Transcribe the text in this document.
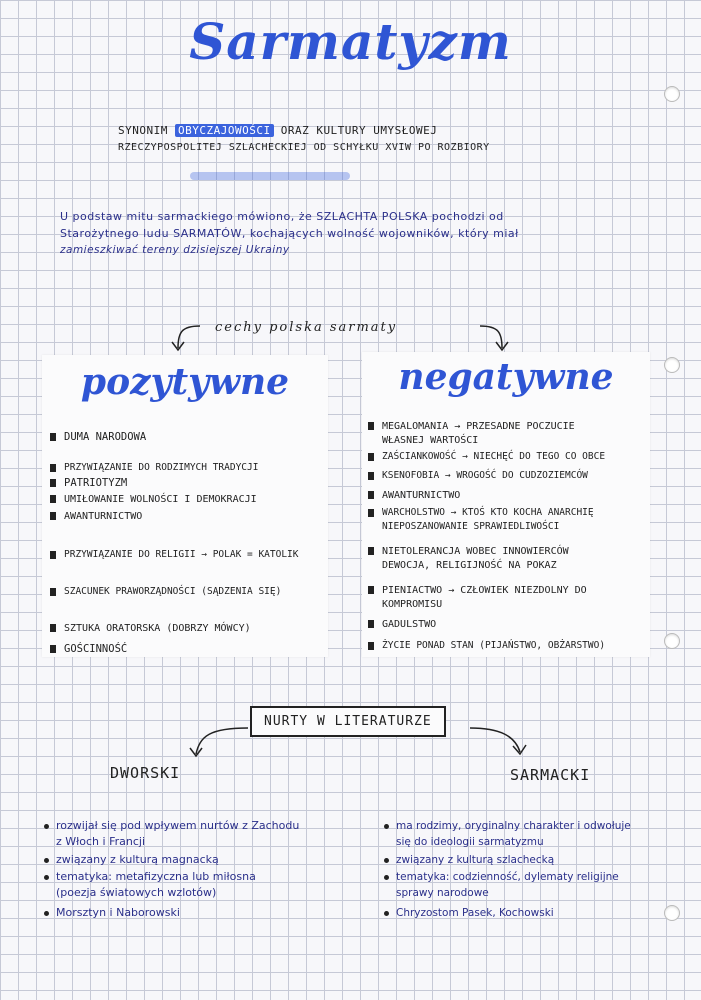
Sarmatyzm
SYNONIM OBYCZAJOWOŚCI ORAZ KULTURY UMYSŁOWEJ
RZECZYPOSPOLITEJ SZLACHECKIEJ OD SCHYŁKU XVIW PO ROZBIORY
U podstaw mitu sarmackiego mówiono, że SZLACHTA POLSKA pochodzi od
Starożytnego ludu SARMATÓW, kochających wolność wojowników, który miał
zamieszkiwać tereny dzisiejszej Ukrainy
cechy polska sarmaty
pozytywne
DUMA NARODOWA
PRZYWIĄZANIE DO RODZIMYCH TRADYCJI
PATRIOTYZM
UMIŁOWANIE WOLNOŚCI I DEMOKRACJI
AWANTURNICTWO
PRZYWIĄZANIE DO RELIGII → POLAK = KATOLIK
SZACUNEK PRAWORZĄDNOŚCI (SĄDZENIA SIĘ)
SZTUKA ORATORSKA (DOBRZY MÓWCY)
GOŚCINNOŚĆ
negatywne
MEGALOMANIA → PRZESADNE POCZUCIE
WŁASNEJ WARTOŚCI
ZAŚCIANKOWOŚĆ → NIECHĘĆ DO TEGO CO OBCE
KSENOFOBIA → WROGOŚĆ DO CUDZOZIEMCÓW
AWANTURNICTWO
WARCHOLSTWO → KTOŚ KTO KOCHA ANARCHIĘ
NIEPOSZANOWANIE SPRAWIEDLIWOŚCI
NIETOLERANCJA WOBEC INNOWIERCÓW
DEWOCJA, RELIGIJNOŚĆ NA POKAZ
PIENIACTWO → CZŁOWIEK NIEZDOLNY DO
KOMPROMISU
GADULSTWO
ŻYCIE PONAD STAN (PIJAŃSTWO, OBŻARSTWO)
NURTY W LITERATURZE
DWORSKI	SARMACKI
rozwijał się pod wpływem nurtów z Zachodu
z Włoch i Francji
związany z kulturą magnacką
tematyka: metafizyczna lub miłosna
(poezja światowych wzlotów)
Morsztyn i Naborowski
ma rodzimy, oryginalny charakter i odwołuje
się do ideologii sarmatyzmu
związany z kulturą szlachecką
tematyka: codzienność, dylematy religijne
sprawy narodowe
Chryzostom Pasek, Kochowski
